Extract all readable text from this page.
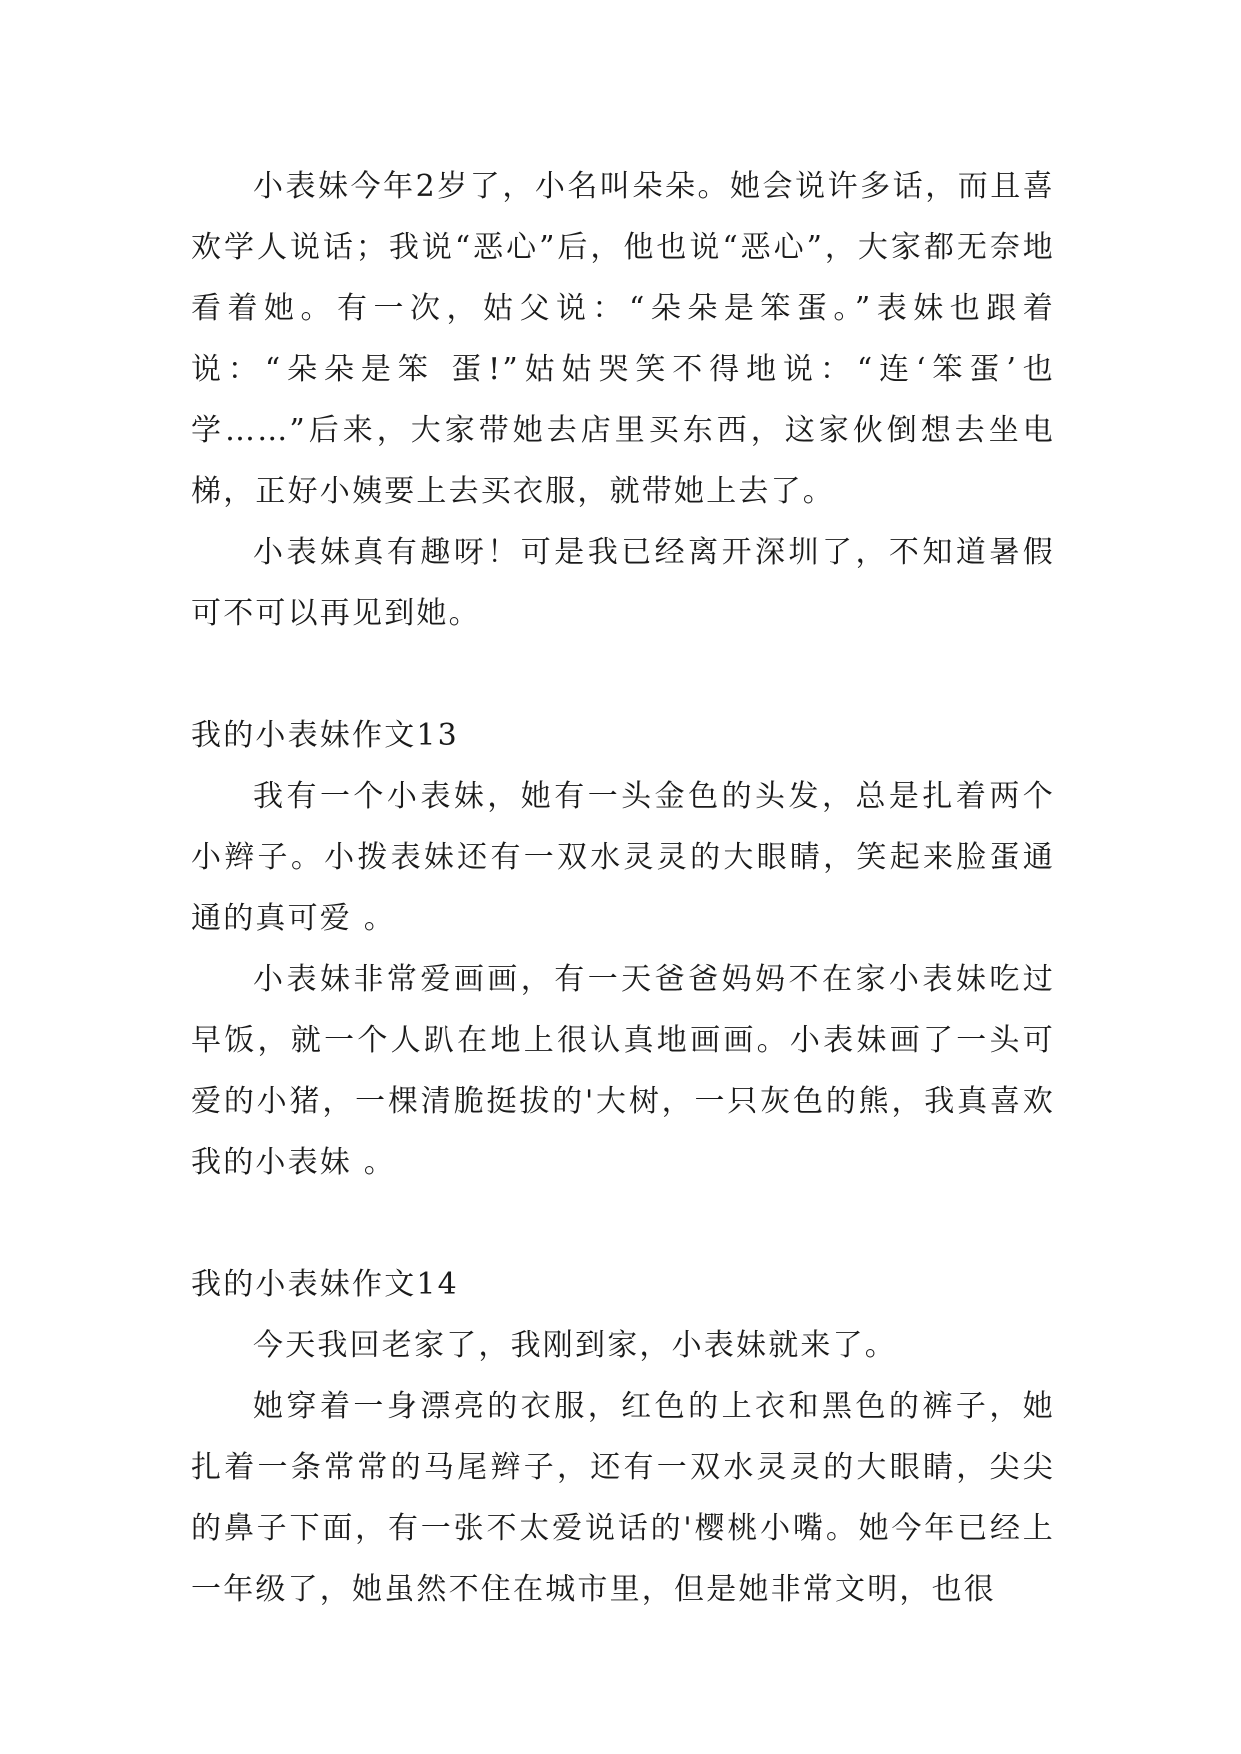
小表妹今年2岁了，小名叫朵朵。她会说许多话，而且喜欢学人说话；我说“恶心”后，他也说“恶心”，大家都无奈地看着她。有一次，姑父说：“朵朵是笨蛋。”表妹也跟着说：“朵朵是笨 蛋!”姑姑哭笑不得地说：“连‘笨蛋’也学……”后来，大家带她去店里买东西，这家伙倒想去坐电梯，正好小姨要上去买衣服，就带她上去了。

小表妹真有趣呀！可是我已经离开深圳了，不知道暑假可不可以再见到她。

我的小表妹作文13

我有一个小表妹，她有一头金色的头发，总是扎着两个小辫子。小拨表妹还有一双水灵灵的大眼睛，笑起来脸蛋通通的真可爱 。

小表妹非常爱画画，有一天爸爸妈妈不在家小表妹吃过早饭，就一个人趴在地上很认真地画画。小表妹画了一头可爱的小猪，一棵清脆挺拔的'大树，一只灰色的熊，我真喜欢我的小表妹 。

我的小表妹作文14

今天我回老家了，我刚到家，小表妹就来了。

她穿着一身漂亮的衣服，红色的上衣和黑色的裤子，她扎着一条常常的马尾辫子，还有一双水灵灵的大眼睛，尖尖的鼻子下面，有一张不太爱说话的'樱桃小嘴。她今年已经上一年级了，她虽然不住在城市里，但是她非常文明，也很
